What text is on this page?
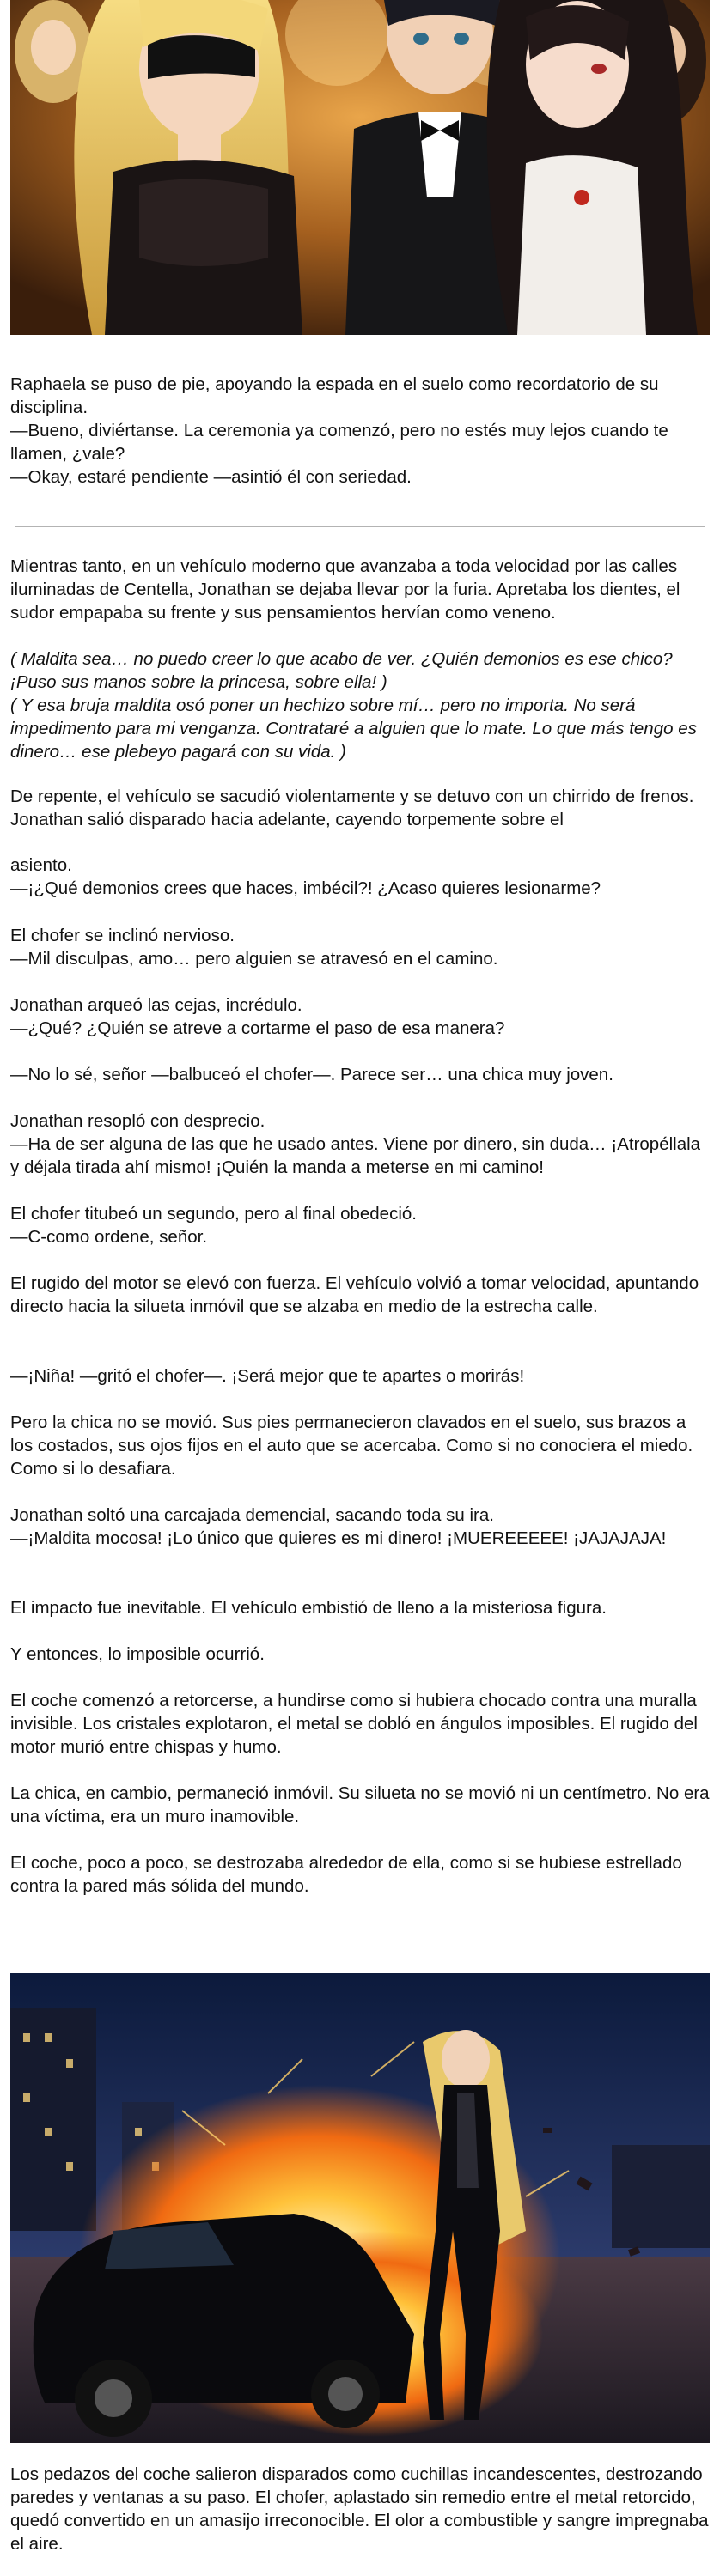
Raphaela se puso de pie, apoyando la espada en el suelo como recordatorio de su disciplina.

—Bueno, diviértanse. La ceremonia ya comenzó, pero no estés muy lejos cuando te llamen, ¿vale?

—Okay, estaré pendiente —asintió él con seriedad.

Mientras tanto, en un vehículo moderno que avanzaba a toda velocidad por las calles iluminadas de Centella, Jonathan se dejaba llevar por la furia. Apretaba los dientes, el sudor empapaba su frente y sus pensamientos hervían como veneno.

( Maldita sea… no puedo creer lo que acabo de ver. ¿Quién demonios es ese chico? ¡Puso sus manos sobre la princesa, sobre ella! )

( Y esa bruja maldita osó poner un hechizo sobre mí… pero no importa. No será impedimento para mi venganza. Contrataré a alguien que lo mate. Lo que más tengo es dinero… ese plebeyo pagará con su vida. )

De repente, el vehículo se sacudió violentamente y se detuvo con un chirrido de frenos. Jonathan salió disparado hacia adelante, cayendo torpemente sobre el

asiento.

—¡¿Qué demonios crees que haces, imbécil?! ¿Acaso quieres lesionarme?

El chofer se inclinó nervioso.

—Mil disculpas, amo… pero alguien se atravesó en el camino.

Jonathan arqueó las cejas, incrédulo.

—¿Qué? ¿Quién se atreve a cortarme el paso de esa manera?

—No lo sé, señor —balbuceó el chofer—. Parece ser… una chica muy joven.

Jonathan resopló con desprecio.

—Ha de ser alguna de las que he usado antes. Viene por dinero, sin duda… ¡Atropéllala y déjala tirada ahí mismo! ¡Quién la manda a meterse en mi camino!

El chofer titubeó un segundo, pero al final obedeció.

—C-como ordene, señor.

El rugido del motor se elevó con fuerza. El vehículo volvió a tomar velocidad, apuntando directo hacia la silueta inmóvil que se alzaba en medio de la estrecha calle.

—¡Niña! —gritó el chofer—. ¡Será mejor que te apartes o morirás!

Pero la chica no se movió. Sus pies permanecieron clavados en el suelo, sus brazos a los costados, sus ojos fijos en el auto que se acercaba. Como si no conociera el miedo. Como si lo desafiara.

Jonathan soltó una carcajada demencial, sacando toda su ira.

—¡Maldita mocosa! ¡Lo único que quieres es mi dinero! ¡MUEREEEEE! ¡JAJAJAJA!

El impacto fue inevitable. El vehículo embistió de lleno a la misteriosa figura.

Y entonces, lo imposible ocurrió.

El coche comenzó a retorcerse, a hundirse como si hubiera chocado contra una muralla invisible. Los cristales explotaron, el metal se dobló en ángulos imposibles. El rugido del motor murió entre chispas y humo.

La chica, en cambio, permaneció inmóvil. Su silueta no se movió ni un centímetro. No era una víctima, era un muro inamovible.

El coche, poco a poco, se destrozaba alrededor de ella, como si se hubiese estrellado contra la pared más sólida del mundo.

Los pedazos del coche salieron disparados como cuchillas incandescentes, destrozando paredes y ventanas a su paso. El chofer, aplastado sin remedio entre el metal retorcido, quedó convertido en un amasijo irreconocible. El olor a combustible y sangre impregnaba el aire.
